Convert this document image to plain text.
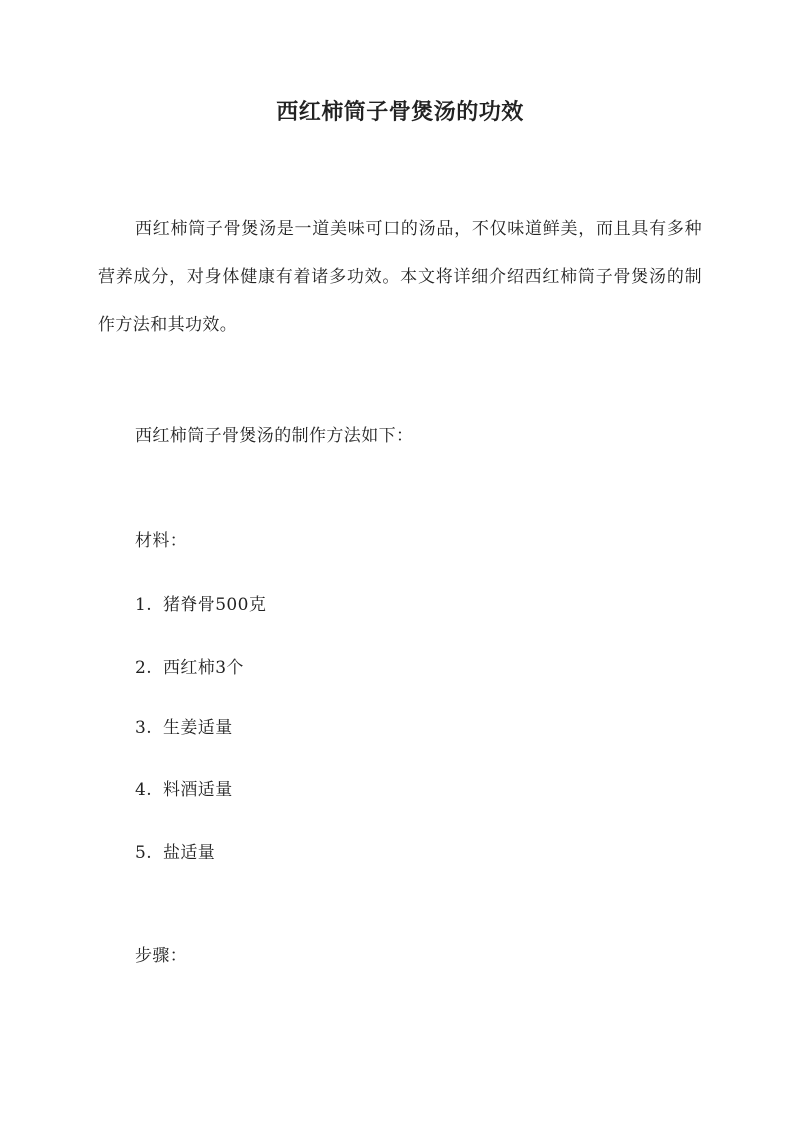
西红柿筒子骨煲汤的功效
西红柿筒子骨煲汤是一道美味可口的汤品，不仅味道鲜美，而且具有多种营养成分，对身体健康有着诸多功效。本文将详细介绍西红柿筒子骨煲汤的制作方法和其功效。
西红柿筒子骨煲汤的制作方法如下：
材料：
1. 猪脊骨500克
2. 西红柿3个
3. 生姜适量
4. 料酒适量
5. 盐适量
步骤：
